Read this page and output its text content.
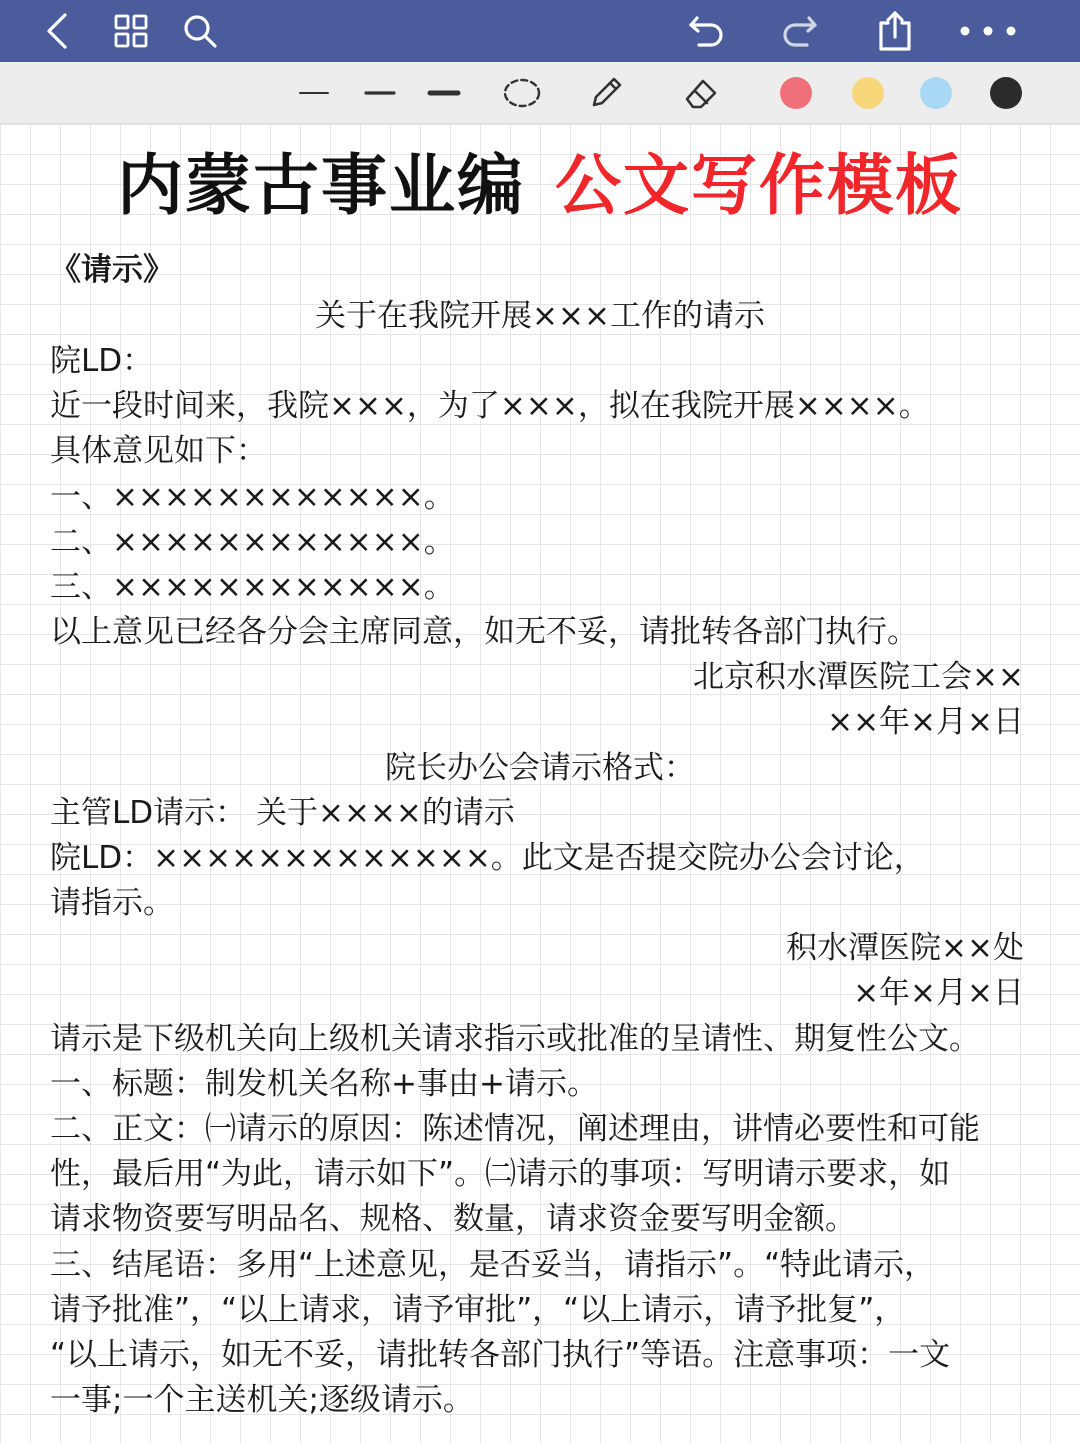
内蒙古事业编 公文写作模板
《请示》
关于在我院开展×××工作的请示
院LD：
近一段时间来，我院×××，为了×××，拟在我院开展××××。
具体意见如下：
一、××××××××××××。
二、××××××××××××。
三、××××××××××××。
以上意见已经各分会主席同意，如无不妥，请批转各部门执行。
北京积水潭医院工会××
××年×月×日
院长办公会请示格式：
主管LD请示： 关于××××的请示
院LD：×××××××××××××。此文是否提交院办公会讨论，
请指示。
积水潭医院××处
×年×月×日
请示是下级机关向上级机关请求指示或批准的呈请性、期复性公文。
一、标题：制发机关名称+事由+请示。
二、正文：㈠请示的原因：陈述情况，阐述理由，讲情必要性和可能
性，最后用“为此，请示如下”。㈡请示的事项：写明请示要求，如
请求物资要写明品名、规格、数量，请求资金要写明金额。
三、结尾语：多用“上述意见，是否妥当，请指示”。“特此请示，
请予批准”，“以上请求，请予审批”，“以上请示，请予批复”，
“以上请示，如无不妥，请批转各部门执行”等语。注意事项：一文
一事;一个主送机关;逐级请示。
